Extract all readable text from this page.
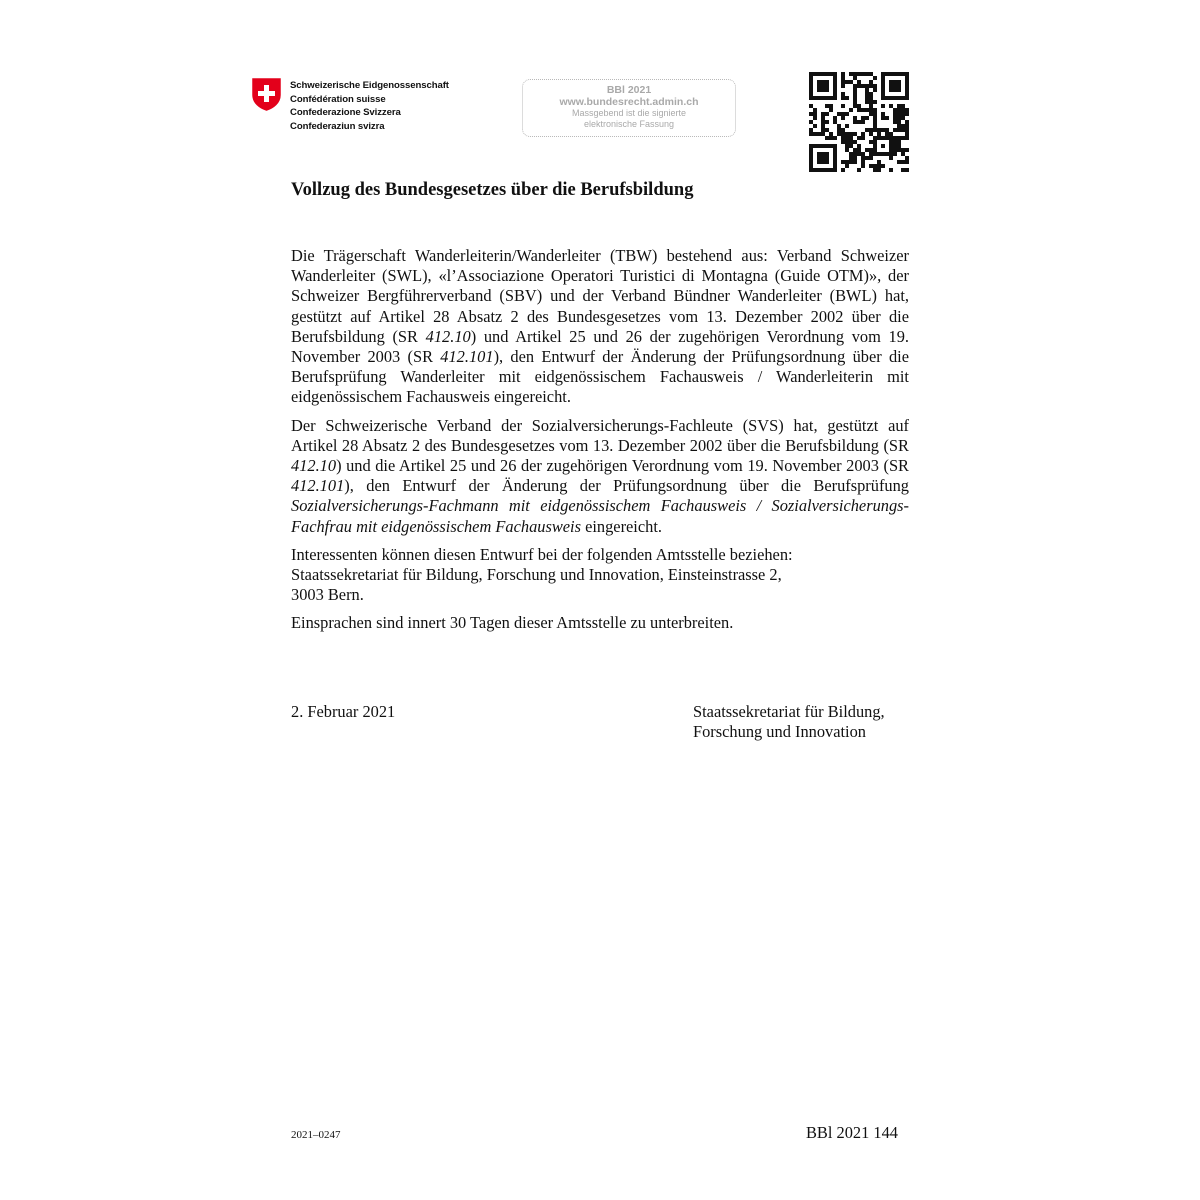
Schweizerische Eidgenossenschaft
Confédération suisse
Confederazione Svizzera
Confederaziun svizra
BBl 2021
www.bundesrecht.admin.ch
Massgebend ist die signierte
elektronische Fassung
Vollzug des Bundesgesetzes über die Berufsbildung

Die Trägerschaft Wanderleiterin/Wanderleiter (TBW) bestehend aus: Verband Schweizer Wanderleiter (SWL), «l’Associazione Operatori Turistici di Montagna (Guide OTM)», der Schweizer Bergführerverband (SBV) und der Verband Bündner Wanderleiter (BWL) hat, gestützt auf Artikel 28 Absatz 2 des Bundesgesetzes vom 13. Dezember 2002 über die Berufsbildung (SR 412.10) und Artikel 25 und 26 der zugehörigen Verordnung vom 19. November 2003 (SR 412.101), den Entwurf der Änderung der Prüfungsordnung über die Berufsprüfung Wanderleiter mit eidgenössischem Fachausweis / Wanderleiterin mit eidgenössischem Fachausweis eingereicht.

Der Schweizerische Verband der Sozialversicherungs-Fachleute (SVS) hat, gestützt auf Artikel 28 Absatz 2 des Bundesgesetzes vom 13. Dezember 2002 über die Berufsbildung (SR 412.10) und die Artikel 25 und 26 der zugehörigen Verordnung vom 19. November 2003 (SR 412.101), den Entwurf der Änderung der Prüfungsordnung über die Berufsprüfung Sozialversicherungs-Fachmann mit eidgenössischem Fachausweis / Sozialversicherungs-Fachfrau mit eidgenössischem Fachausweis eingereicht.

Interessenten können diesen Entwurf bei der folgenden Amtsstelle beziehen:
Staatssekretariat für Bildung, Forschung und Innovation, Einsteinstrasse 2,
3003 Bern.

Einsprachen sind innert 30 Tagen dieser Amtsstelle zu unterbreiten.

2. Februar 2021	Staatssekretariat für Bildung,
Forschung und Innovation
2021–0247	BBl 2021 144
